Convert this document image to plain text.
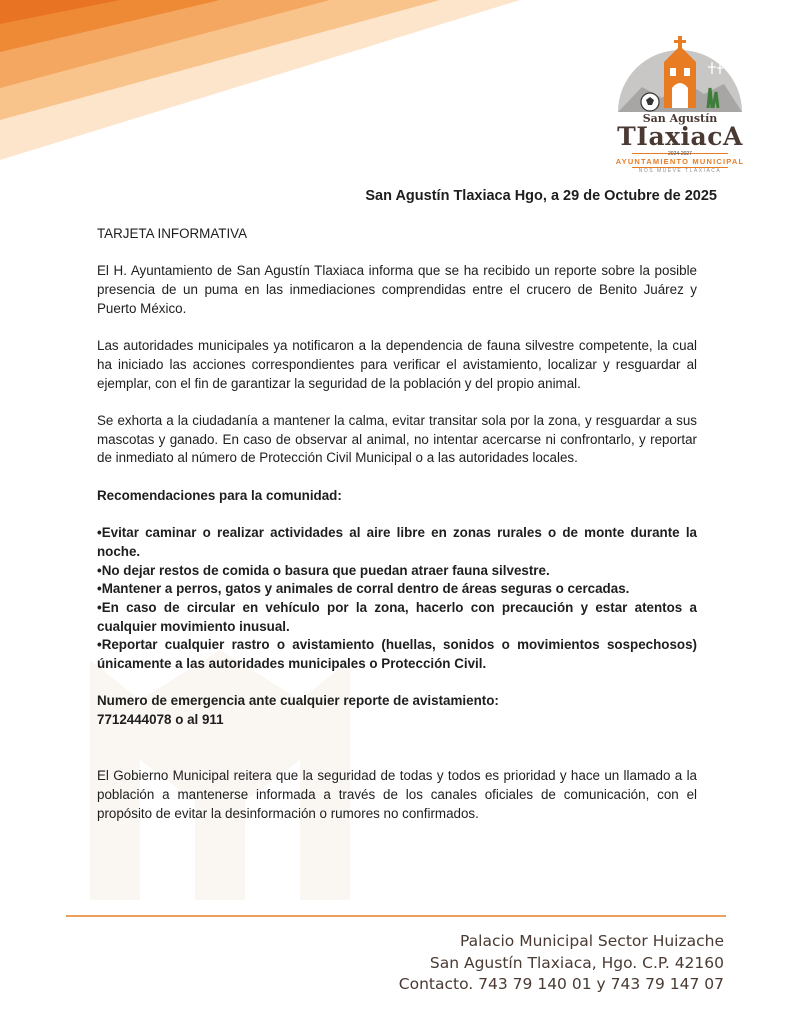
San Agustín
TIaxiacA
2024-2027
AYUNTAMIENTO MUNICIPAL
NOS MUEVE TLAXIACA
San Agustín Tlaxiaca Hgo, a 29 de Octubre de 2025

TARJETA INFORMATIVA

El H. Ayuntamiento de San Agustín Tlaxiaca informa que se ha recibido un reporte sobre la posible presencia de un puma en las inmediaciones comprendidas entre el crucero de Benito Juárez y Puerto México.

Las autoridades municipales ya notificaron a la dependencia de fauna silvestre competente, la cual ha iniciado las acciones correspondientes para verificar el avistamiento, localizar y resguardar al ejemplar, con el fin de garantizar la seguridad de la población y del propio animal.

Se exhorta a la ciudadanía a mantener la calma, evitar transitar sola por la zona, y resguardar a sus mascotas y ganado. En caso de observar al animal, no intentar acercarse ni confrontarlo, y reportar de inmediato al número de Protección Civil Municipal o a las autoridades locales.

Recomendaciones para la comunidad:

•Evitar caminar o realizar actividades al aire libre en zonas rurales o de monte durante la noche.

•No dejar restos de comida o basura que puedan atraer fauna silvestre.

•Mantener a perros, gatos y animales de corral dentro de áreas seguras o cercadas.

•En caso de circular en vehículo por la zona, hacerlo con precaución y estar atentos a cualquier movimiento inusual.

•Reportar cualquier rastro o avistamiento (huellas, sonidos o movimientos sospechosos) únicamente a las autoridades municipales o Protección Civil.

Numero de emergencia ante cualquier reporte de avistamiento:

7712444078 o al 911

El Gobierno Municipal reitera que la seguridad de todas y todos es prioridad y hace un llamado a la población a mantenerse informada a través de los canales oficiales de comunicación, con el propósito de evitar la desinformación o rumores no confirmados.

Palacio Municipal Sector Huizache
San Agustín Tlaxiaca, Hgo. C.P. 42160
Contacto. 743 79 140 01 y 743 79 147 07
